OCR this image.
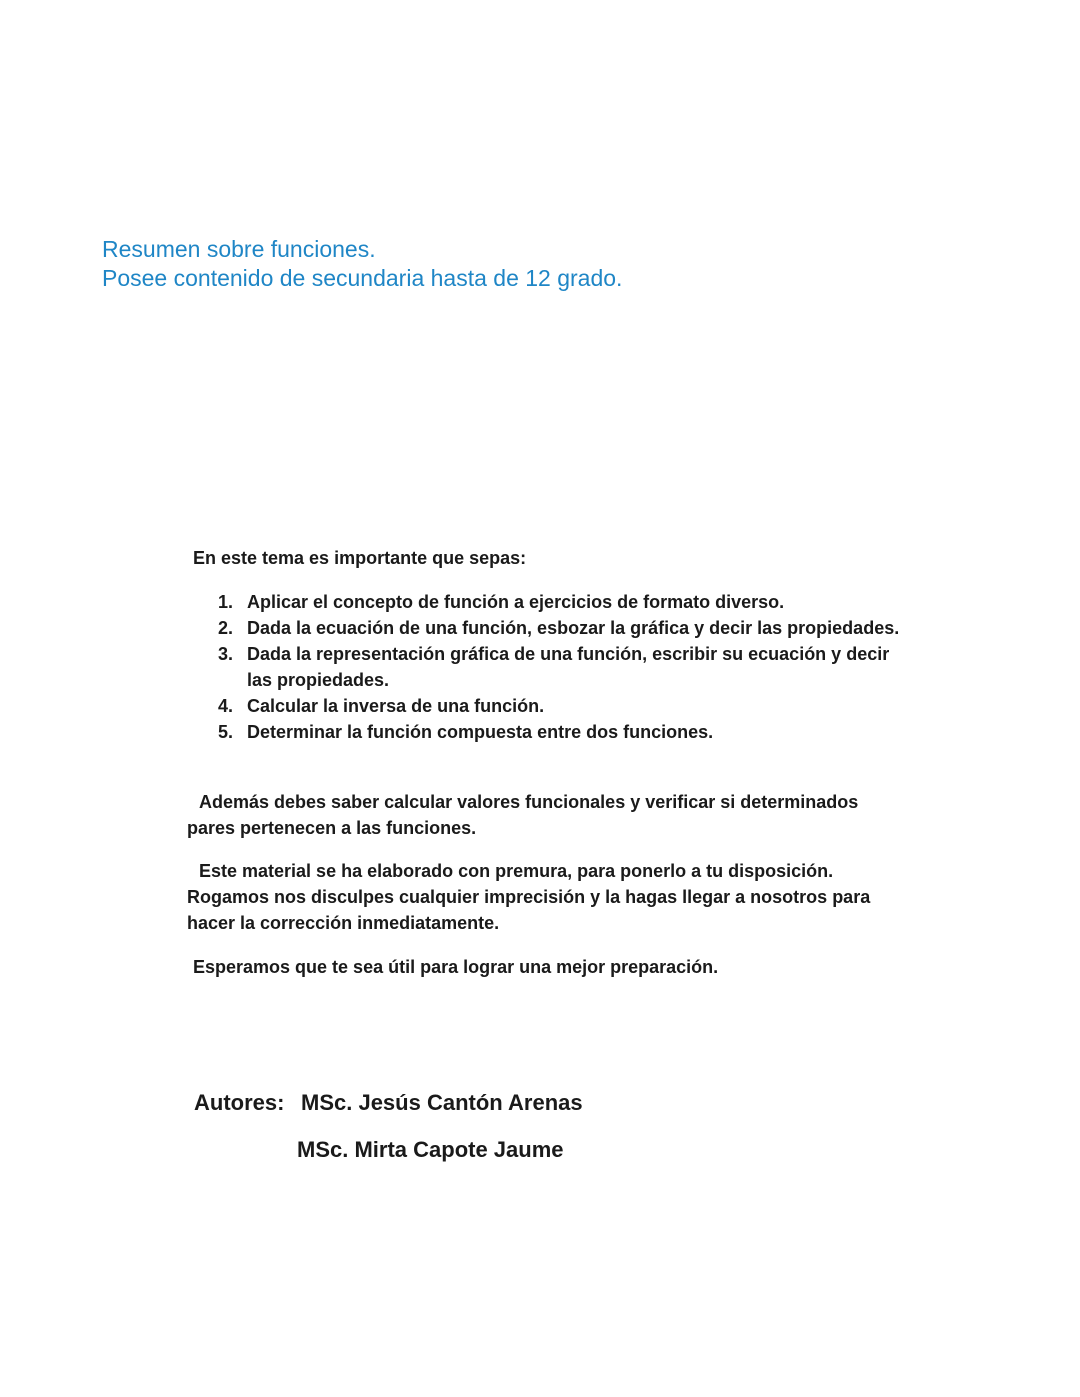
Resumen sobre funciones.
Posee contenido de secundaria hasta de 12 grado.
En este tema es importante que sepas:
1. Aplicar el concepto de función a ejercicios de formato diverso.
2. Dada la ecuación de una función, esbozar la gráfica y decir las propiedades.
3. Dada la representación gráfica de una función, escribir su ecuación y decir las propiedades.
4. Calcular la inversa de una función.
5. Determinar la función compuesta entre dos funciones.
Además debes saber calcular valores funcionales y verificar si determinados pares pertenecen a las funciones.
Este material se ha elaborado con premura, para ponerlo a tu disposición. Rogamos nos disculpes cualquier imprecisión y la hagas llegar a nosotros para hacer la corrección inmediatamente.
Esperamos que te sea útil para lograr una mejor preparación.
Autores: MSc. Jesús Cantón Arenas
MSc. Mirta Capote Jaume
